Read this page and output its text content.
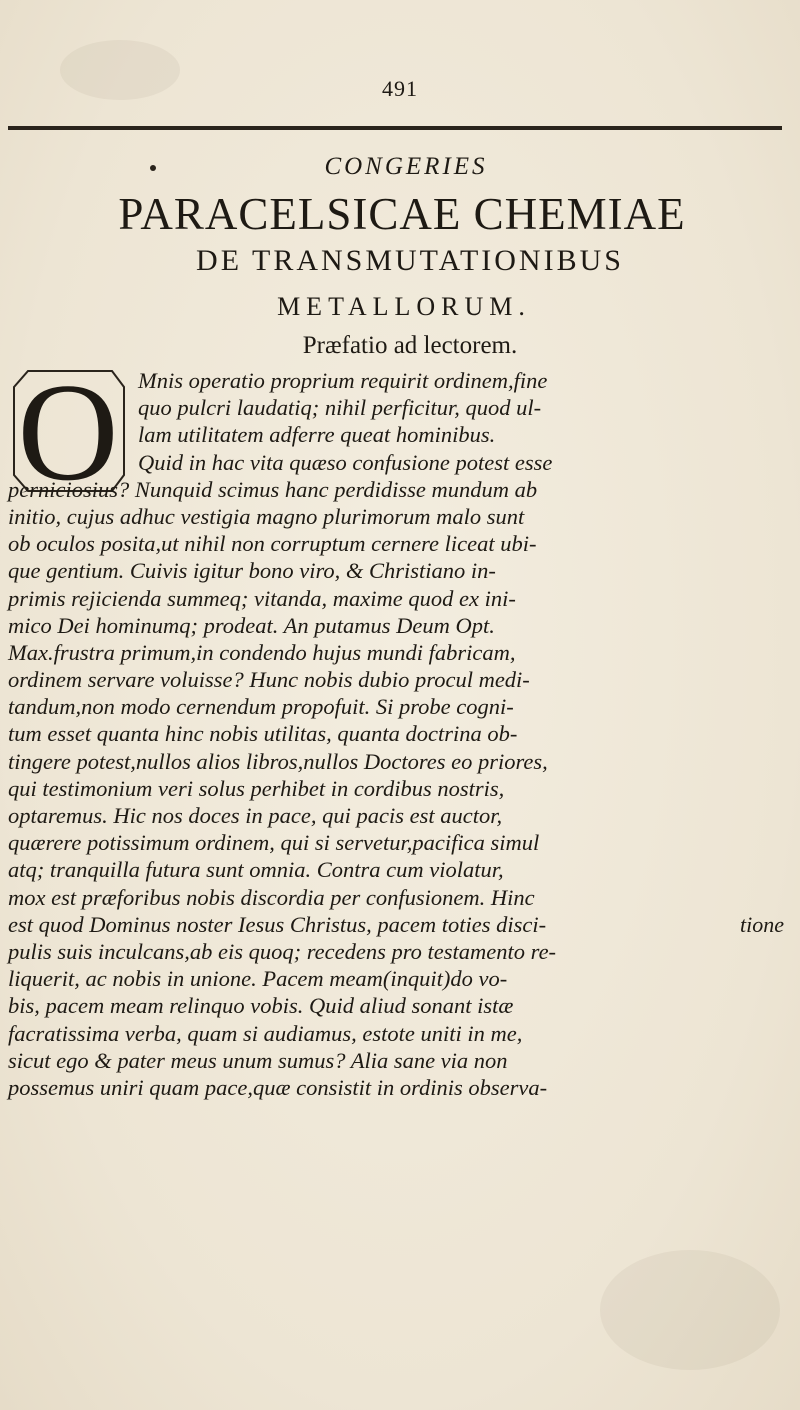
491
CONGERIES
PARACELSICAE CHEMIAE
DE TRANSMUTATIONIBUS
METALLORUM.
Præfatio ad lectorem.
O Mnis operatio proprium requirit ordinem,fine
quo pulcri laudatiq; nihil perficitur, quod ul-
lam utilitatem adferre queat hominibus.
Quid in hac vita quæso confusione potest esse
perniciosius? Nunquid scimus hanc perdidisse mundum ab
initio, cujus adhuc vestigia magno plurimorum malo sunt
ob oculos posita,ut nihil non corruptum cernere liceat ubi-
que gentium. Cuivis igitur bono viro, & Christiano in-
primis rejicienda summeq; vitanda, maxime quod ex ini-
mico Dei hominumq; prodeat. An putamus Deum Opt.
Max.frustra primum,in condendo hujus mundi fabricam,
ordinem servare voluisse? Hunc nobis dubio procul medi-
tandum,non modo cernendum propofuit. Si probe cogni-
tum esset quanta hinc nobis utilitas, quanta doctrina ob-
tingere potest,nullos alios libros,nullos Doctores eo priores,
qui testimonium veri solus perhibet in cordibus nostris,
optaremus. Hic nos doces in pace, qui pacis est auctor,
quærere potissimum ordinem, qui si servetur,pacifica simul
atq; tranquilla futura sunt omnia. Contra cum violatur,
mox est præforibus nobis discordia per confusionem. Hinc
est quod Dominus noster Iesus Christus, pacem toties disci-
pulis suis inculcans,ab eis quoq; recedens pro testamento re-
liquerit, ac nobis in unione. Pacem meam(inquit)do vo-
bis, pacem meam relinquo vobis. Quid aliud sonant istæ
facratissima verba, quam si audiamus, estote uniti in me,
sicut ego & pater meus unum sumus? Alia sane via non
possemus uniri quam pace,quæ consistit in ordinis observa-
tione
